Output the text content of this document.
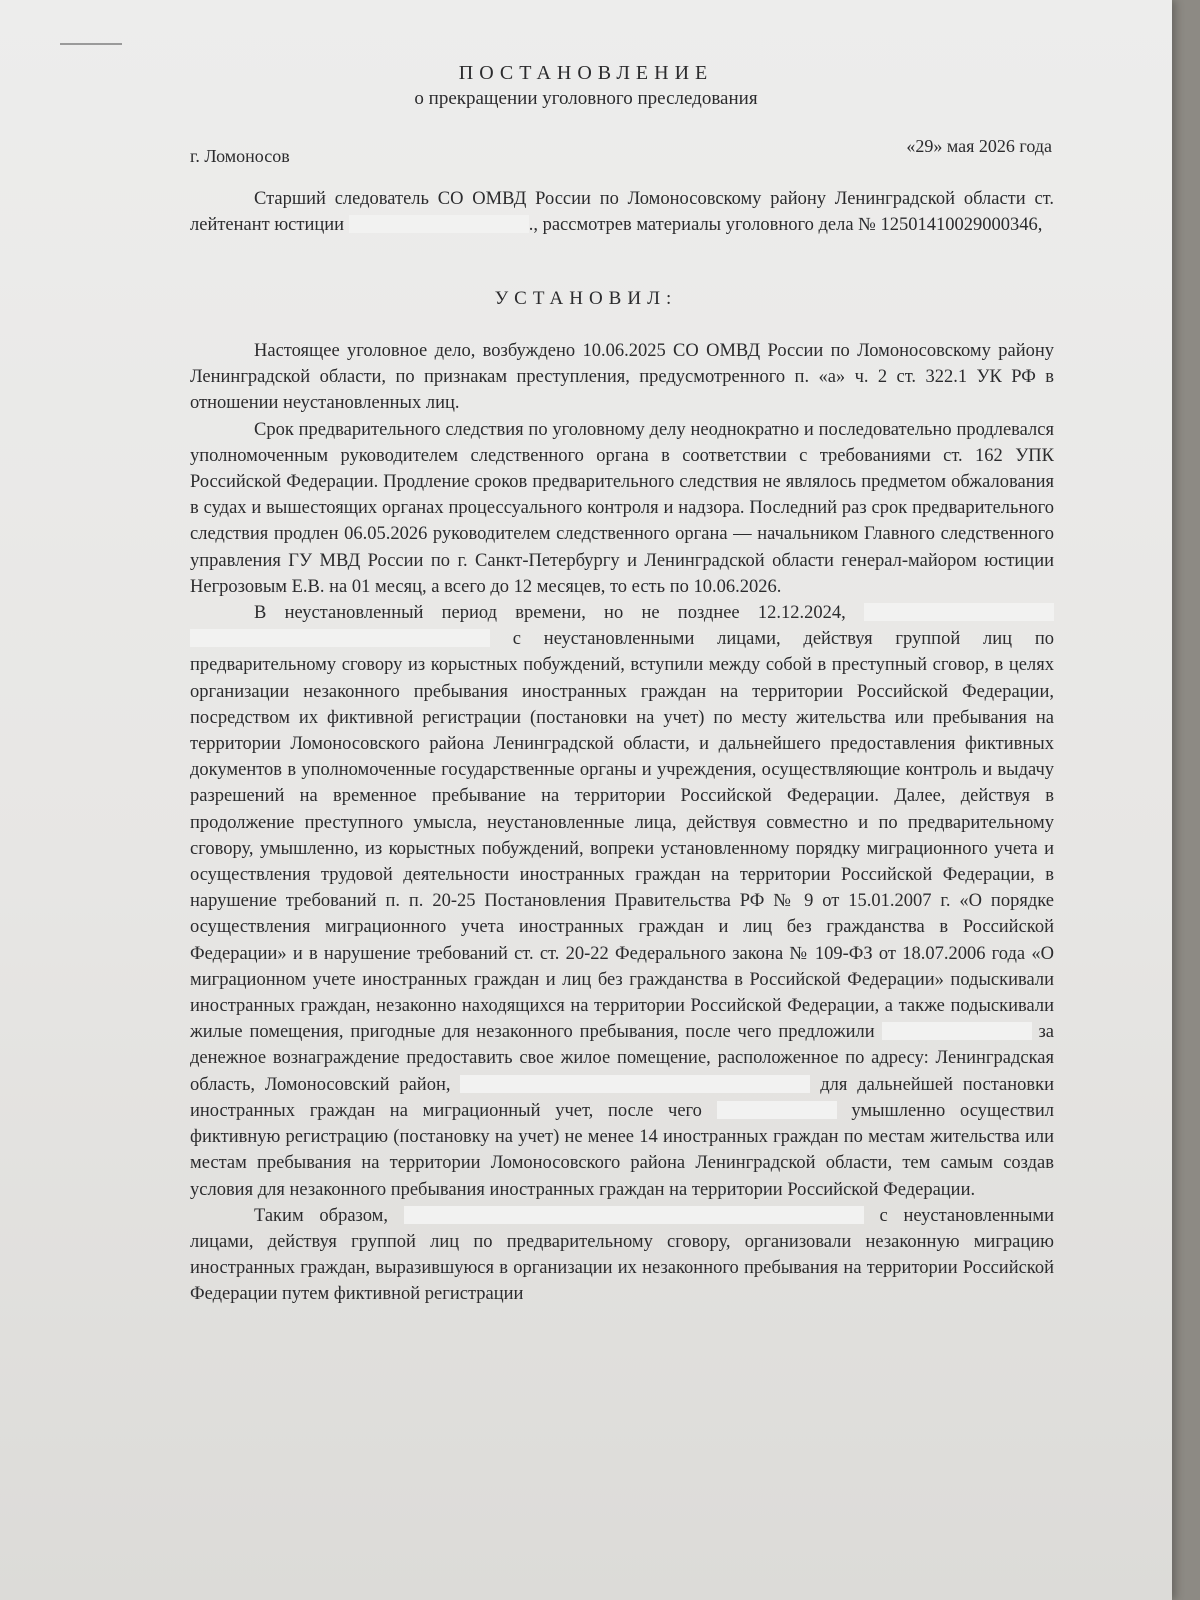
ПОСТАНОВЛЕНИЕ
о прекращении уголовного преследования
г. Ломоносов	«29» мая 2026 года

Старший следователь СО ОМВД России по Ломоносовскому району Ленинградской области ст. лейтенант юстиции	., рассмотрев материалы уголовного дела № 12501410029000346,

УСТАНОВИЛ:

Настоящее уголовное дело, возбуждено 10.06.2025 СО ОМВД России по Ломоносовскому району Ленинградской области, по признакам преступления, предусмотренного п. «а» ч. 2 ст. 322.1 УК РФ в отношении неустановленных лиц.

Срок предварительного следствия по уголовному делу неоднократно и последовательно продлевался уполномоченным руководителем следственного органа в соответствии с требованиями ст. 162 УПК Российской Федерации. Продление сроков предварительного следствия не являлось предметом обжалования в судах и вышестоящих органах процессуального контроля и надзора. Последний раз срок предварительного следствия продлен 06.05.2026 руководителем следственного органа — начальником Главного следственного управления ГУ МВД России по г. Санкт-Петербургу и Ленинградской области генерал-майором юстиции Негрозовым Е.В. на 01 месяц, а всего до 12 месяцев, то есть по 10.06.2026.

В неустановленный период времени, но не позднее 12.12.2024,   с неустановленными лицами, действуя группой лиц по предварительному сговору из корыстных побуждений, вступили между собой в преступный сговор, в целях организации незаконного пребывания иностранных граждан на территории Российской Федерации, посредством их фиктивной регистрации (постановки на учет) по месту жительства или пребывания на территории Ломоносовского района Ленинградской области, и дальнейшего предоставления фиктивных документов в уполномоченные государственные органы и учреждения, осуществляющие контроль и выдачу разрешений на временное пребывание на территории Российской Федерации. Далее, действуя в продолжение преступного умысла, неустановленные лица, действуя совместно и по предварительному сговору, умышленно, из корыстных побуждений, вопреки установленному порядку миграционного учета и осуществления трудовой деятельности иностранных граждан на территории Российской Федерации, в нарушение требований п. п. 20-25 Постановления Правительства РФ № 9 от 15.01.2007 г. «О порядке осуществления миграционного учета иностранных граждан и лиц без гражданства в Российской Федерации» и в нарушение требований ст. ст. 20-22 Федерального закона № 109-ФЗ от 18.07.2006 года «О миграционном учете иностранных граждан и лиц без гражданства в Российской Федерации» подыскивали иностранных граждан, незаконно находящихся на территории Российской Федерации, а также подыскивали жилые помещения, пригодные для незаконного пребывания, после чего предложили	за денежное вознаграждение предоставить свое жилое помещение, расположенное по адресу: Ленинградская область, Ломоносовский район,	для дальнейшей постановки иностранных граждан на миграционный учет, после чего	умышленно осуществил фиктивную регистрацию (постановку на учет) не менее 14 иностранных граждан по местам жительства или местам пребывания на территории Ломоносовского района Ленинградской области, тем самым создав условия для незаконного пребывания иностранных граждан на территории Российской Федерации.

Таким образом,	с неустановленными лицами, действуя группой лиц по предварительному сговору, организовали незаконную миграцию иностранных граждан, выразившуюся в организации их незаконного пребывания на территории Российской Федерации путем фиктивной регистрации
